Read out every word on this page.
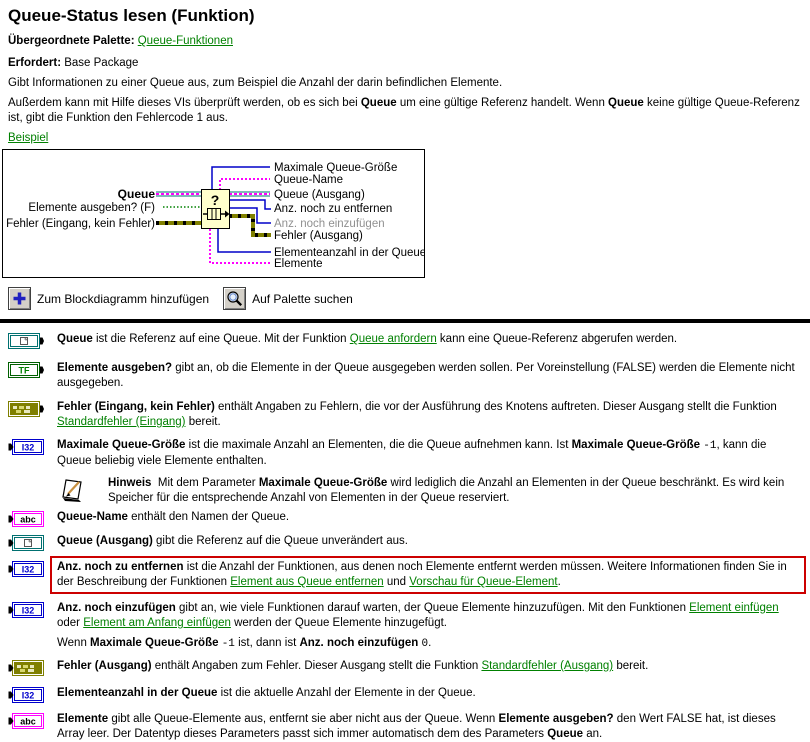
Queue-Status lesen (Funktion)
Übergeordnete Palette: Queue-Funktionen
Erfordert: Base Package
Gibt Informationen zu einer Queue aus, zum Beispiel die Anzahl der darin befindlichen Elemente.
Außerdem kann mit Hilfe dieses VIs überprüft werden, ob es sich bei Queue um eine gültige Referenz handelt. Wenn Queue keine gültige Queue-Referenz ist, gibt die Funktion den Fehlercode 1 aus.
Beispiel
?
Queue
Elemente ausgeben? (F)
Fehler (Eingang, kein Fehler)
Maximale Queue-Größe
Queue-Name
Queue (Ausgang)
Anz. noch zu entfernen
Anz. noch einzufügen
Fehler (Ausgang)
Elementeanzahl in der Queue
Elemente
Zum Blockdiagramm hinzufügen	Auf Palette suchen
Queue ist die Referenz auf eine Queue. Mit der Funktion Queue anfordern kann eine Queue-Referenz abgerufen werden.
TF Elemente ausgeben? gibt an, ob die Elemente in der Queue ausgegeben werden sollen. Per Voreinstellung (FALSE) werden die Elemente nicht ausgegeben.
Fehler (Eingang, kein Fehler) enthält Angaben zu Fehlern, die vor der Ausführung des Knotens auftreten. Dieser Ausgang stellt die Funktion Standardfehler (Eingang) bereit.
I32 Maximale Queue-Größe ist die maximale Anzahl an Elementen, die die Queue aufnehmen kann. Ist Maximale Queue-Größe -1, kann die Queue beliebig viele Elemente enthalten.
Hinweis  Mit dem Parameter Maximale Queue-Größe wird lediglich die Anzahl an Elementen in der Queue beschränkt. Es wird kein Speicher für die entsprechende Anzahl von Elementen in der Queue reserviert.
abc Queue-Name enthält den Namen der Queue.
Queue (Ausgang) gibt die Referenz auf die Queue unverändert aus.
I32	Anz. noch zu entfernen ist die Anzahl der Funktionen, aus denen noch Elemente entfernt werden müssen. Weitere Informationen finden Sie in der Beschreibung der Funktionen Element aus Queue entfernen und Vorschau für Queue-Element.
I32 Anz. noch einzufügen gibt an, wie viele Funktionen darauf warten, der Queue Elemente hinzuzufügen. Mit den Funktionen Element einfügen oder Element am Anfang einfügen werden der Queue Elemente hinzugefügt.
Wenn Maximale Queue-Größe -1 ist, dann ist Anz. noch einzufügen 0.
Fehler (Ausgang) enthält Angaben zum Fehler. Dieser Ausgang stellt die Funktion Standardfehler (Ausgang) bereit.
I32 Elementeanzahl in der Queue ist die aktuelle Anzahl der Elemente in der Queue.
abc Elemente gibt alle Queue-Elemente aus, entfernt sie aber nicht aus der Queue. Wenn Elemente ausgeben? den Wert FALSE hat, ist dieses Array leer. Der Datentyp dieses Parameters passt sich immer automatisch dem des Parameters Queue an.
